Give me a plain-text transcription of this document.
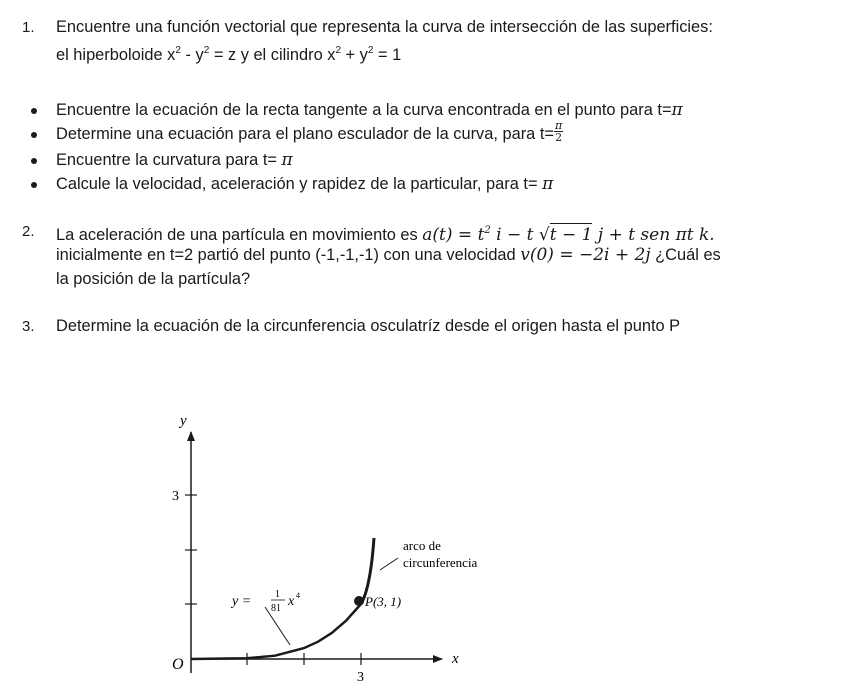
1. Encuentre una función vectorial que representa la curva de intersección de las superficies:
el hiperboloide $x^2 - y^2 = z$ y el cilindro $x^2 + y^2 = 1$
Encuentre la ecuación de la recta tangente a la curva encontrada en el punto para t=π
Determine una ecuación para el plano esculador de la curva, para $t= \frac{\pi}{2}$
Encuentre la curvatura para t= π
Calcule la velocidad, aceleración y rapidez de la particular, para t= π
2. La aceleración de una partícula en movimiento es $a(t) = t^2$ i − t √t − 1 j + t sen πt k.
inicialmente en t=2 partió del punto (-1,-1,-1) con una velocidad v(0) = −2i + 2j ¿Cuál es
la posición de la partícula?
3. Determine la ecuación de la circunferencia osculatríz desde el origen hasta el punto P
y
x
O
3
3
y = 1
81 x 4	P(3, 1)
arco de
circunferencia
